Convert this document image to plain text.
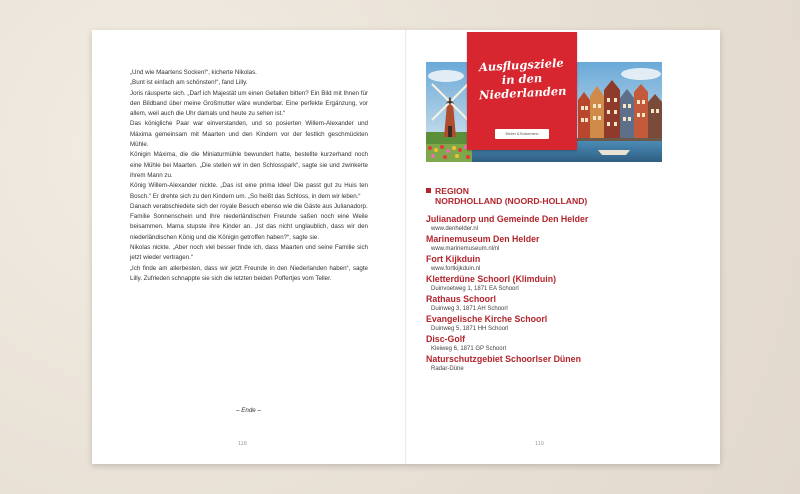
„Und wie Maartens Socken!“, kicherte Nikolas.

„Bunt ist einfach am schönsten!“, fand Lilly.

Joris räusperte sich. „Darf ich Majestät um einen Gefallen bitten? Ein Bild mit Ihnen für den Bildband über meine Großmutter wäre wunderbar. Eine perfekte Ergänzung, vor allem, weil auch die Uhr damals und heute zu sehen ist.“

Das königliche Paar war einverstanden, und so posierten Willem-Alexander und Máxima gemeinsam mit Maarten und den Kindern vor der festlich geschmückten Mühle.

Königin Máxima, die die Miniaturmühle bewundert hatte, bestellte kurzerhand noch eine Mühle bei Maarten. „Die stellen wir in den Schlosspark“, sagte sie und zwinkerte ihrem Mann zu.

König Willem-Alexander nickte. „Das ist eine prima Idee! Die passt gut zu Huis ten Bosch.“ Er drehte sich zu den Kindern um. „So heißt das Schloss, in dem wir leben.“

Danach verabschiedete sich der royale Besuch ebenso wie die Gäste aus Julianadorp.

Familie Sonnenschein und ihre niederländischen Freunde saßen noch eine Weile beisammen. Mama stupste ihre Kinder an. „Ist das nicht unglaublich, dass wir den niederländischen König und die Königin getroffen haben?“, sagte sie.

Nikolas nickte. „Aber noch viel besser finde ich, dass Maarten und seine Familie sich jetzt wieder vertragen.“

„Ich finde am allerbesten, dass wir jetzt Freunde in den Niederlanden haben“, sagte Lilly. Zufrieden schnappte sie sich die letzten beiden Poffertjes vom Teller.

– Ende –
118
Ausflugsziele
in den
Niederlanden
Bieber & Butzemann
REGION
NORDHOLLAND (NOORD-HOLLAND)
Julianadorp und Gemeinde Den Helder
www.denhelder.nl
Marinemuseum Den Helder
www.marinemuseum.nl/nl
Fort Kijkduin
www.fortkijkduin.nl
Kletterdüne Schoorl (Klimduin)
Duinvoetweg 1, 1871 EA Schoorl
Rathaus Schoorl
Duinweg 3, 1871 AH Schoorl
Evangelische Kirche Schoorl
Duinweg 5, 1871 HH Schoorl
Disc-Golf
Kleiweg 6, 1871 GP Schoorl
Naturschutzgebiet Schoorlser Dünen
Radar-Düne
119
